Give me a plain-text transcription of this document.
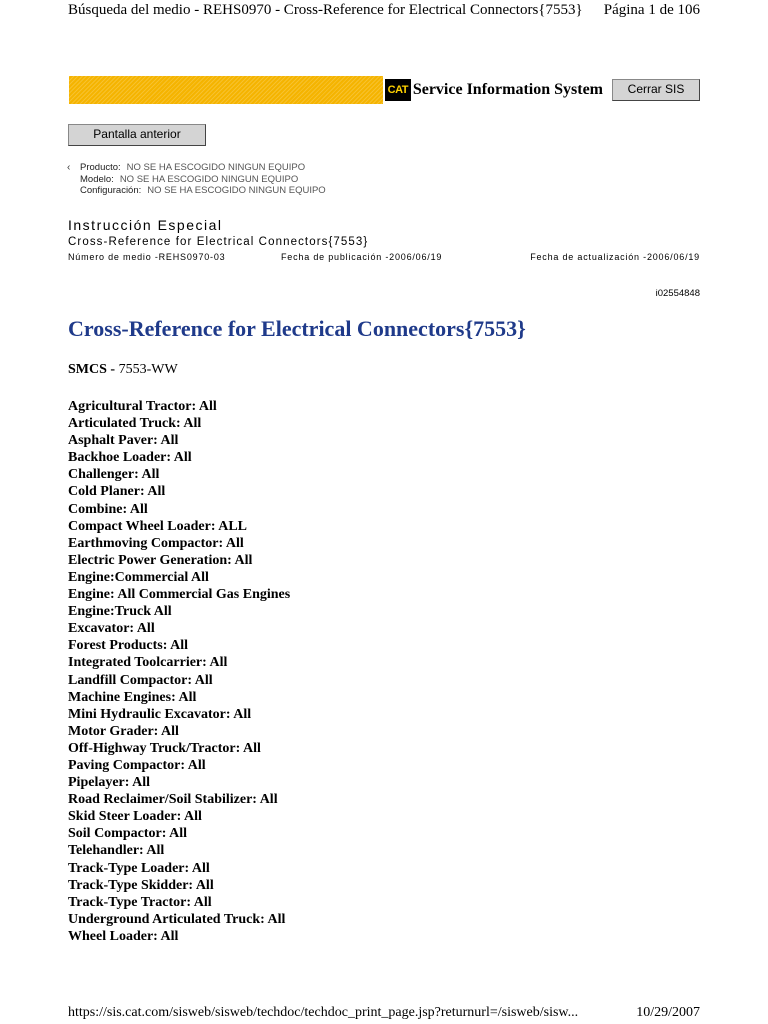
Búsqueda del medio - REHS0970 - Cross-Reference for Electrical Connectors{7553} Página 1 de 106
CAT Service Information System	Cerrar SIS
Pantalla anterior
‹	Producto: NO SE HA ESCOGIDO NINGUN EQUIPO
Modelo: NO SE HA ESCOGIDO NINGUN EQUIPO
Configuración: NO SE HA ESCOGIDO NINGUN EQUIPO
Instrucción Especial
Cross-Reference for Electrical Connectors{7553}
Número de medio -REHS0970-03	Fecha de publicación -2006/06/19	Fecha de actualización -2006/06/19
i02554848
Cross-Reference for Electrical Connectors{7553}
SMCS - 7553-WW
Agricultural Tractor: All
Articulated Truck: All
Asphalt Paver: All
Backhoe Loader: All
Challenger: All
Cold Planer: All
Combine: All
Compact Wheel Loader: ALL
Earthmoving Compactor: All
Electric Power Generation: All
Engine:Commercial All
Engine: All Commercial Gas Engines
Engine:Truck All
Excavator: All
Forest Products: All
Integrated Toolcarrier: All
Landfill Compactor: All
Machine Engines: All
Mini Hydraulic Excavator: All
Motor Grader: All
Off-Highway Truck/Tractor: All
Paving Compactor: All
Pipelayer: All
Road Reclaimer/Soil Stabilizer: All
Skid Steer Loader: All
Soil Compactor: All
Telehandler: All
Track-Type Loader: All
Track-Type Skidder: All
Track-Type Tractor: All
Underground Articulated Truck: All
Wheel Loader: All
https://sis.cat.com/sisweb/sisweb/techdoc/techdoc_print_page.jsp?returnurl=/sisweb/sisw...	10/29/2007
